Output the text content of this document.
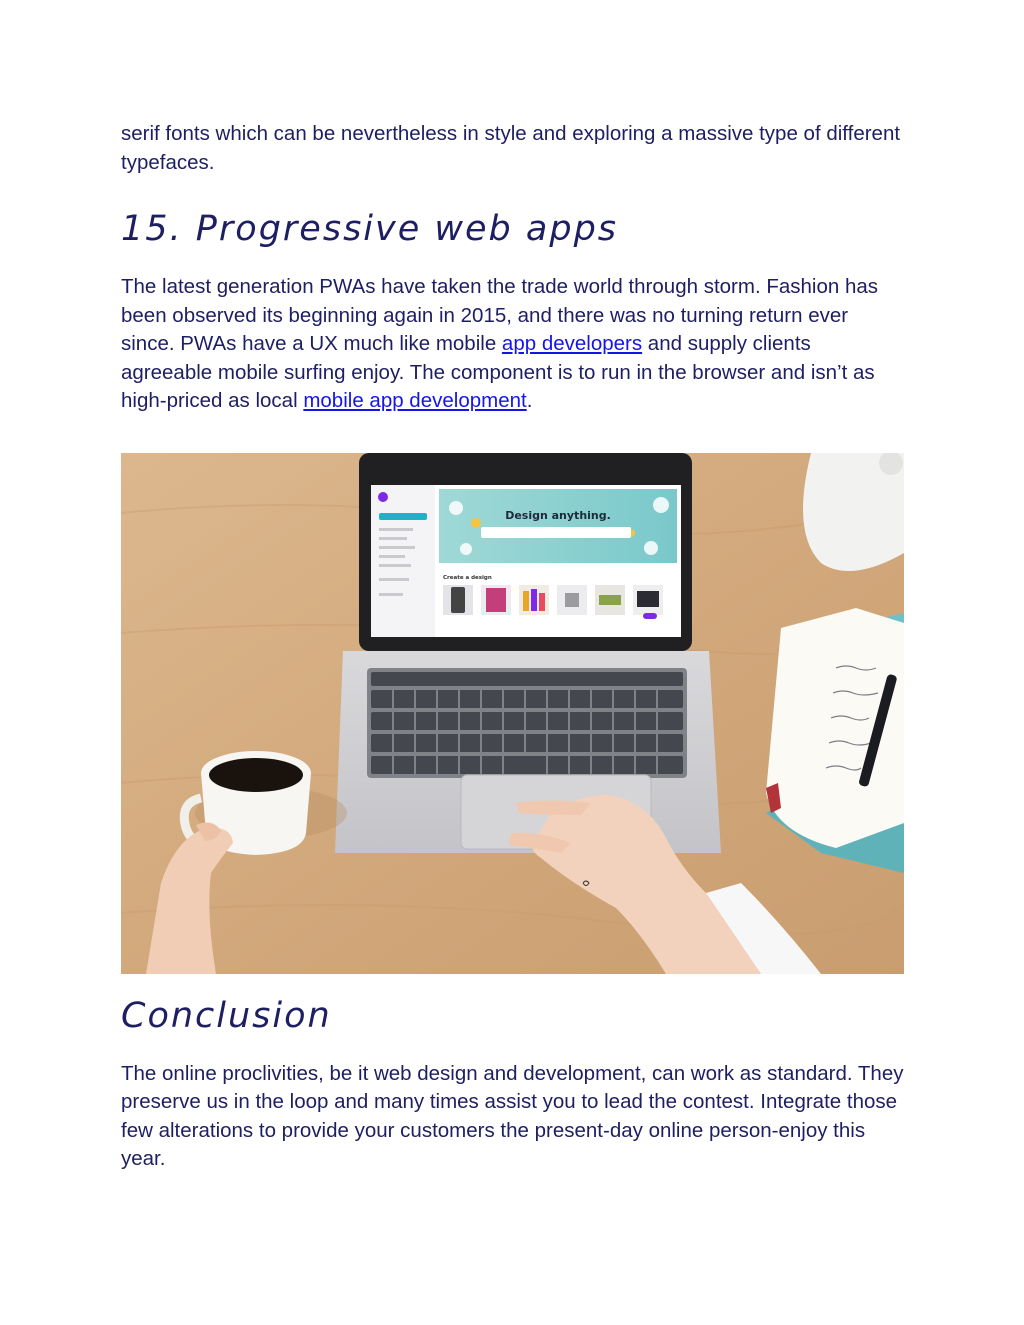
serif fonts which can be nevertheless in style and exploring a massive type of different typefaces.

15. Progressive web apps

The latest generation PWAs have taken the trade world through storm. Fashion has been observed its beginning again in 2015, and there was no turning return ever since. PWAs have a UX much like mobile app developers and supply clients agreeable mobile surfing enjoy. The component is to run in the browser and isn’t as high-priced as local mobile app development.

Design anything.
Create a design
Conclusion

The online proclivities, be it web design and development, can work as standard. They preserve us in the loop and many times assist you to lead the contest. Integrate those few alterations to provide your customers the present-day online person-enjoy this year.
